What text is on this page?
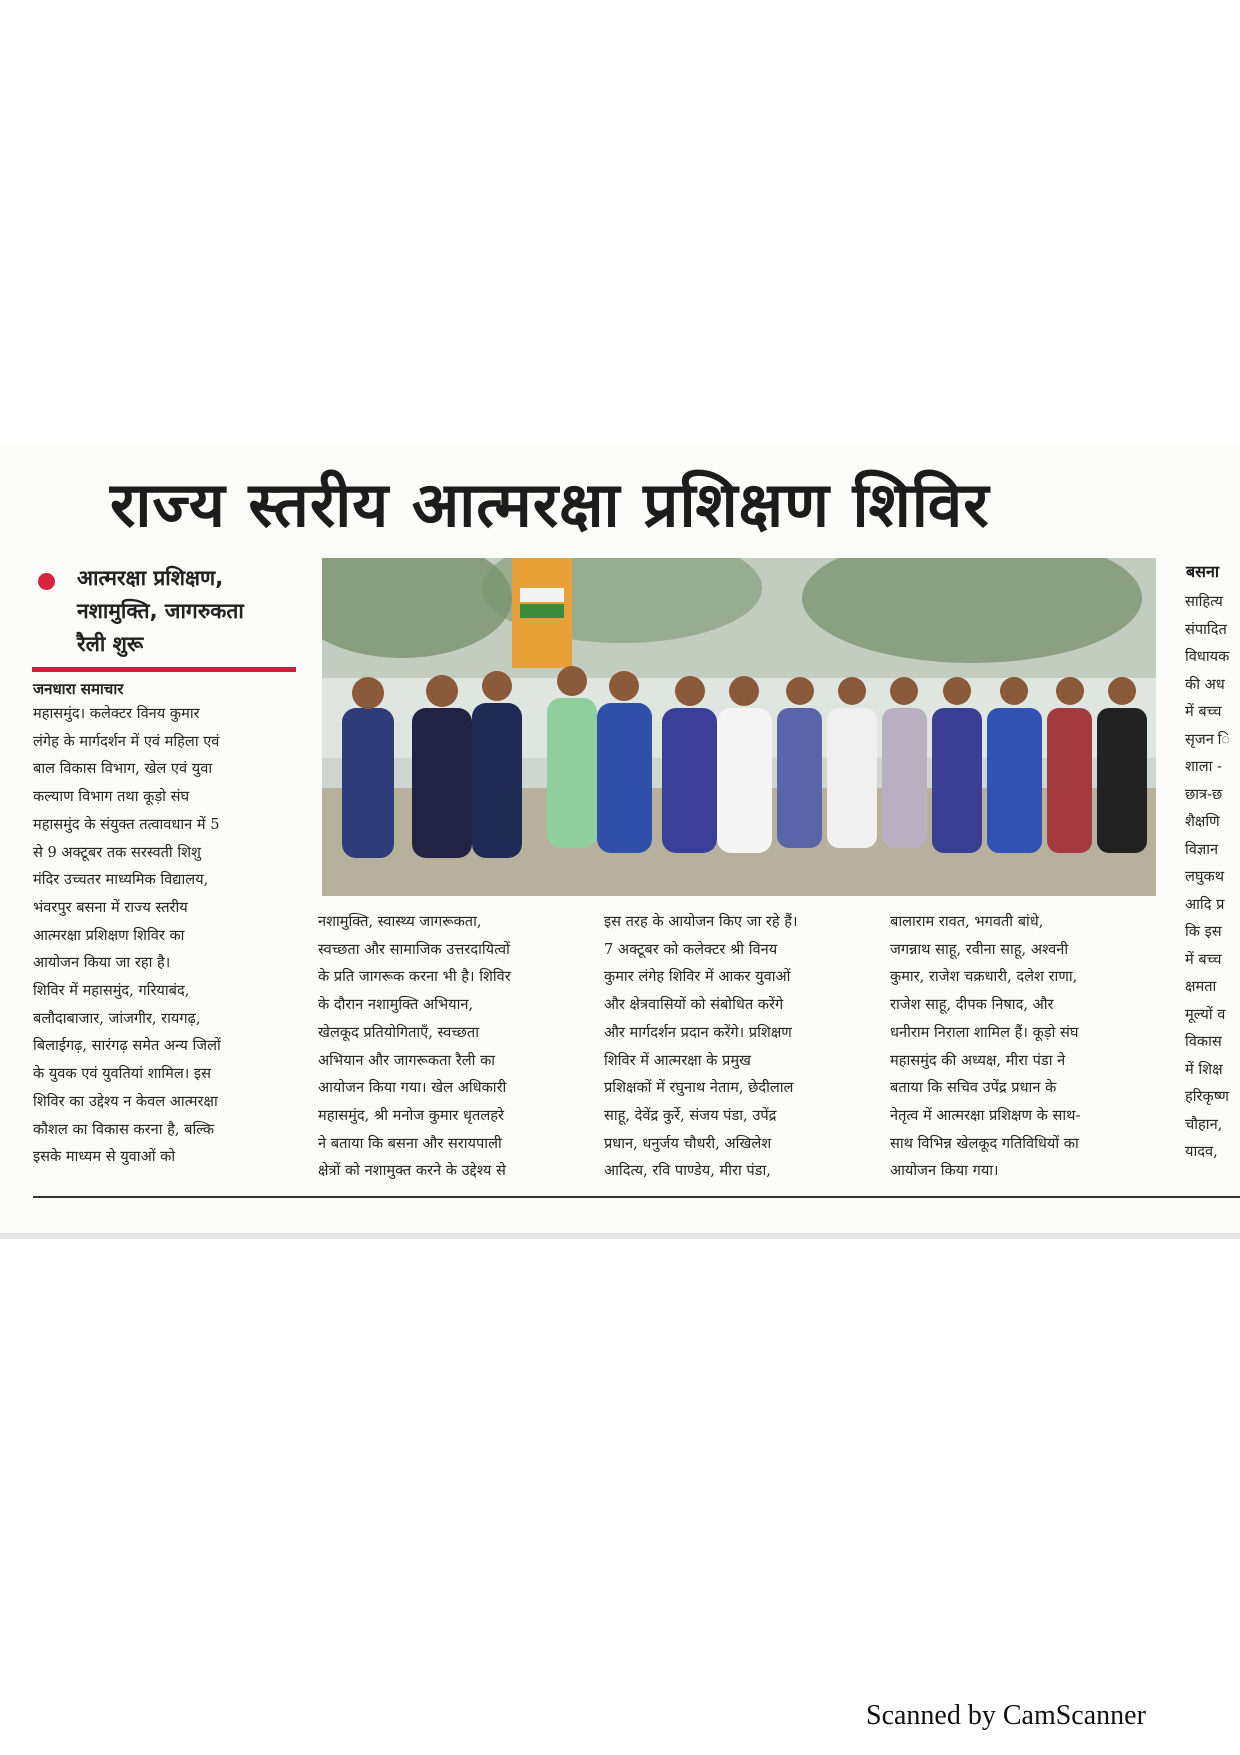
राज्य स्तरीय आत्मरक्षा प्रशिक्षण शिविर
आत्मरक्षा प्रशिक्षण,
नशामुक्ति, जागरुकता
रैली शुरू
जनधारा समाचार
महासमुंद। कलेक्टर विनय कुमार
लंगेह के मार्गदर्शन में एवं महिला एवं
बाल विकास विभाग, खेल एवं युवा
कल्याण विभाग तथा कूड़ो संघ
महासमुंद के संयुक्त तत्वावधान में 5
से 9 अक्टूबर तक सरस्वती शिशु
मंदिर उच्चतर माध्यमिक विद्यालय,
भंवरपुर बसना में राज्य स्तरीय
आत्मरक्षा प्रशिक्षण शिविर का
आयोजन किया जा रहा है।
शिविर में महासमुंद, गरियाबंद,
बलौदाबाजार, जांजगीर, रायगढ़,
बिलाईगढ़, सारंगढ़ समेत अन्य जिलों
के युवक एवं युवतियां शामिल। इस
शिविर का उद्देश्य न केवल आत्मरक्षा
कौशल का विकास करना है, बल्कि
इसके माध्यम से युवाओं को
नशामुक्ति, स्वास्थ्य जागरूकता,
स्वच्छता और सामाजिक उत्तरदायित्वों
के प्रति जागरूक करना भी है। शिविर
के दौरान नशामुक्ति अभियान,
खेलकूद प्रतियोगिताएँ, स्वच्छता
अभियान और जागरूकता रैली का
आयोजन किया गया। खेल अधिकारी
महासमुंद, श्री मनोज कुमार धृतलहरे
ने बताया कि बसना और सरायपाली
क्षेत्रों को नशामुक्त करने के उद्देश्य से
इस तरह के आयोजन किए जा रहे हैं।
7 अक्टूबर को कलेक्टर श्री विनय
कुमार लंगेह शिविर में आकर युवाओं
और क्षेत्रवासियों को संबोधित करेंगे
और मार्गदर्शन प्रदान करेंगे। प्रशिक्षण
शिविर में आत्मरक्षा के प्रमुख
प्रशिक्षकों में रघुनाथ नेताम, छेदीलाल
साहू, देवेंद्र कुर्रे, संजय पंडा, उपेंद्र
प्रधान, धनुर्जय चौधरी, अखिलेश
आदित्य, रवि पाण्डेय, मीरा पंडा,
बालाराम रावत, भगवती बांधे,
जगन्नाथ साहू, रवीना साहू, अश्वनी
कुमार, राजेश चक्रधारी, दलेश राणा,
राजेश साहू, दीपक निषाद, और
धनीराम निराला शामिल हैं। कूड़ो संघ
महासमुंद की अध्यक्ष, मीरा पंडा ने
बताया कि सचिव उपेंद्र प्रधान के
नेतृत्व में आत्मरक्षा प्रशिक्षण के साथ-
साथ विभिन्न खेलकूद गतिविधियों का
आयोजन किया गया।
बसना
साहित्य
संपादित
विधायक
की अध
में बच्च
सृजन ि
शाला -
छात्र-छ
शैक्षणि
विज्ञान
लघुकथ
आदि प्र
कि इस
में बच्च
क्षमता
मूल्यों व
विकास
में शिक्ष
हरिकृष्ण
चौहान,
यादव,
Scanned by CamScanner
